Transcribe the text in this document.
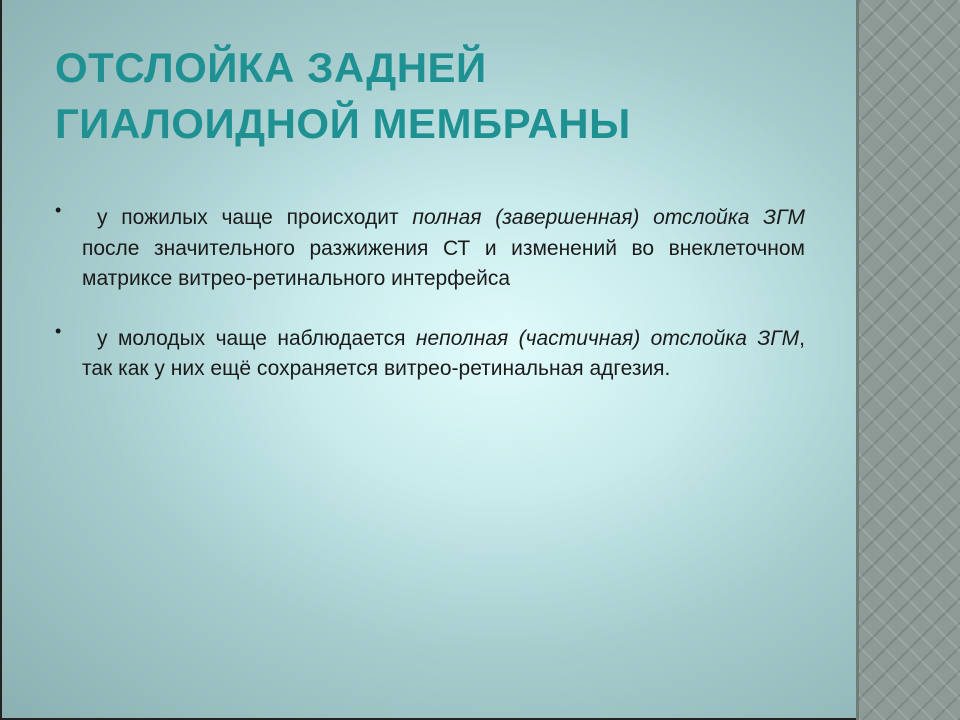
ОТСЛОЙКА ЗАДНЕЙ
ГИАЛОИДНОЙ МЕМБРАНЫ
•	у пожилых чаще происходит полная (завершенная) отслойка ЗГМ после значительного разжижения СТ и изменений во внеклеточном матриксе витрео-ретинального интерфейса

•	у молодых чаще наблюдается неполная (частичная) отслойка ЗГМ, так как у них ещё сохраняется витрео-ретинальная адгезия.
